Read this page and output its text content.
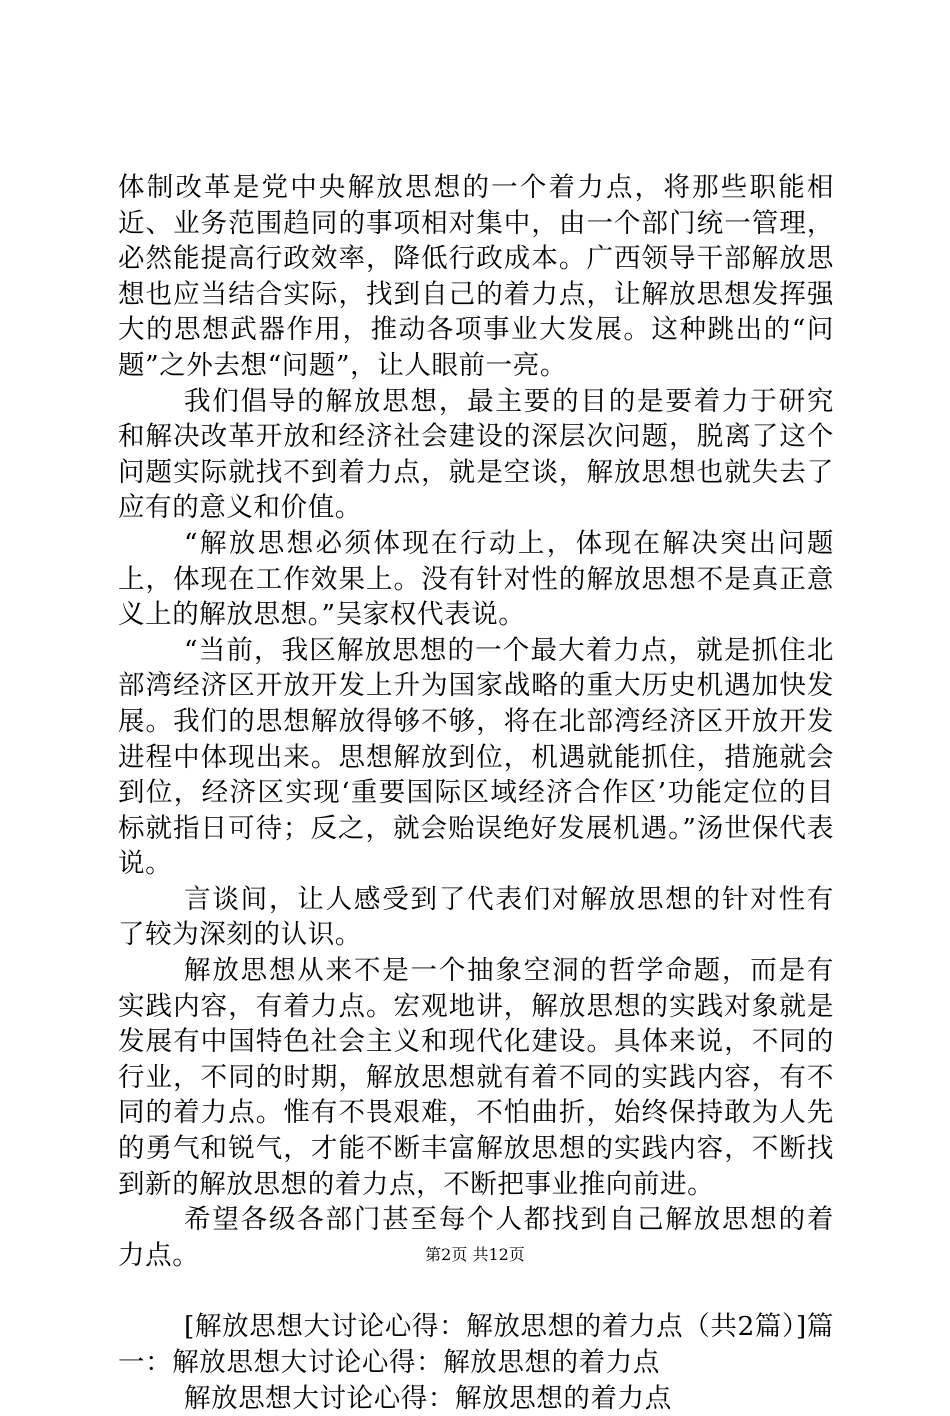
体制改革是党中央解放思想的一个着力点，将那些职能相近、业务范围趋同的事项相对集中，由一个部门统一管理，必然能提高行政效率，降低行政成本。广西领导干部解放思想也应当结合实际，找到自己的着力点，让解放思想发挥强大的思想武器作用，推动各项事业大发展。这种跳出的“问题”之外去想“问题”，让人眼前一亮。

我们倡导的解放思想，最主要的目的是要着力于研究和解决改革开放和经济社会建设的深层次问题，脱离了这个问题实际就找不到着力点，就是空谈，解放思想也就失去了应有的意义和价值。

“解放思想必须体现在行动上，体现在解决突出问题上，体现在工作效果上。没有针对性的解放思想不是真正意义上的解放思想。”吴家权代表说。

“当前，我区解放思想的一个最大着力点，就是抓住北部湾经济区开放开发上升为国家战略的重大历史机遇加快发展。我们的思想解放得够不够，将在北部湾经济区开放开发进程中体现出来。思想解放到位，机遇就能抓住，措施就会到位，经济区实现‘重要国际区域经济合作区’功能定位的目标就指日可待；反之，就会贻误绝好发展机遇。”汤世保代表说。

言谈间，让人感受到了代表们对解放思想的针对性有了较为深刻的认识。

解放思想从来不是一个抽象空洞的哲学命题，而是有实践内容，有着力点。宏观地讲，解放思想的实践对象就是发展有中国特色社会主义和现代化建设。具体来说，不同的行业，不同的时期，解放思想就有着不同的实践内容，有不同的着力点。惟有不畏艰难，不怕曲折，始终保持敢为人先的勇气和锐气，才能不断丰富解放思想的实践内容，不断找到新的解放思想的着力点，不断把事业推向前进。

希望各级各部门甚至每个人都找到自己解放思想的着力点。

[解放思想大讨论心得：解放思想的着力点（共2篇）]篇一：解放思想大讨论心得：解放思想的着力点

解放思想大讨论心得：解放思想的着力点

第2页 共12页
